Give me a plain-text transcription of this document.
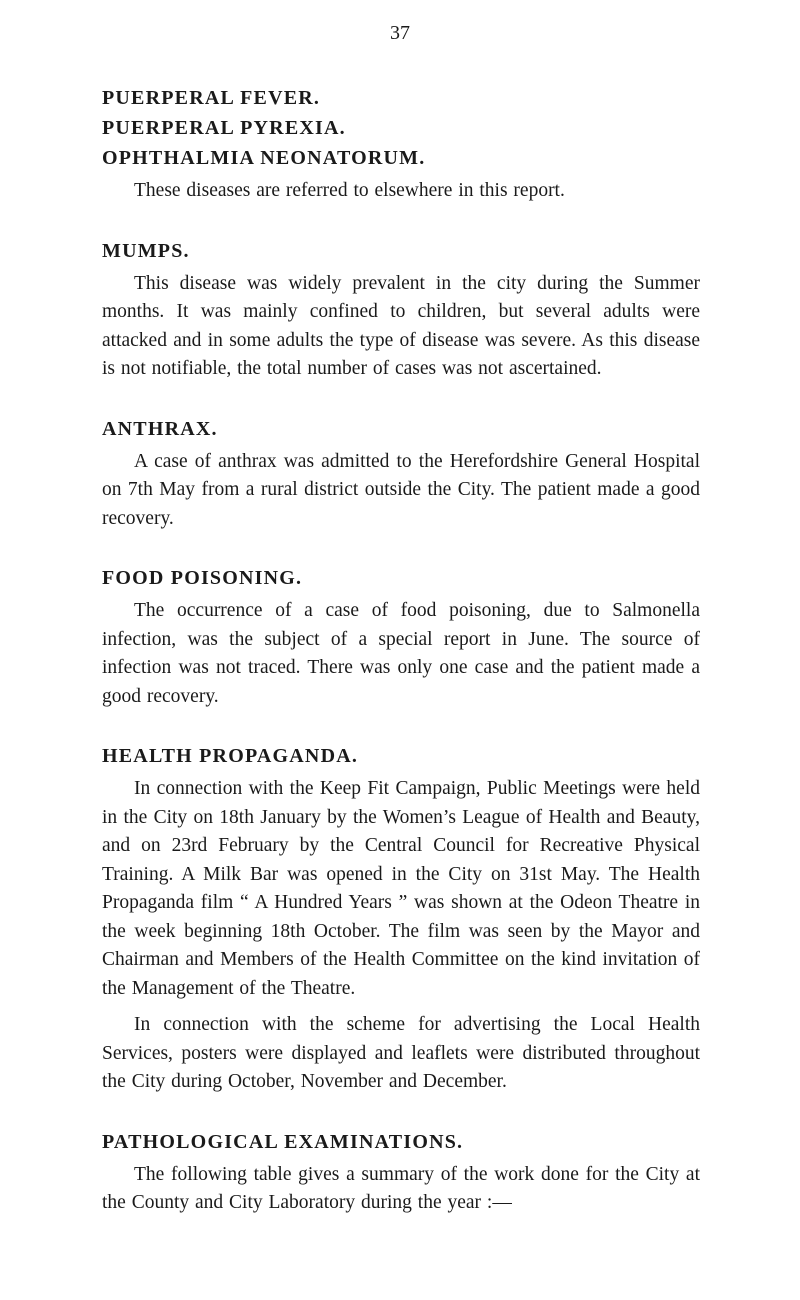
37
PUERPERAL FEVER.
PUERPERAL PYREXIA.
OPHTHALMIA NEONATORUM.

These diseases are referred to elsewhere in this report.

MUMPS.

This disease was widely prevalent in the city during the Summer months. It was mainly confined to children, but several adults were attacked and in some adults the type of disease was severe. As this disease is not notifiable, the total number of cases was not ascertained.

ANTHRAX.

A case of anthrax was admitted to the Herefordshire General Hospital on 7th May from a rural district outside the City. The patient made a good recovery.

FOOD POISONING.

The occurrence of a case of food poisoning, due to Salmonella infection, was the subject of a special report in June. The source of infection was not traced. There was only one case and the patient made a good recovery.

HEALTH PROPAGANDA.

In connection with the Keep Fit Campaign, Public Meetings were held in the City on 18th January by the Women’s League of Health and Beauty, and on 23rd February by the Central Council for Recreative Physical Training. A Milk Bar was opened in the City on 31st May. The Health Propaganda film “ A Hundred Years ” was shown at the Odeon Theatre in the week beginning 18th October. The film was seen by the Mayor and Chairman and Members of the Health Committee on the kind invitation of the Management of the Theatre.

In connection with the scheme for advertising the Local Health Services, posters were displayed and leaflets were distributed throughout the City during October, November and December.

PATHOLOGICAL EXAMINATIONS.

The following table gives a summary of the work done for the City at the County and City Laboratory during the year :—
